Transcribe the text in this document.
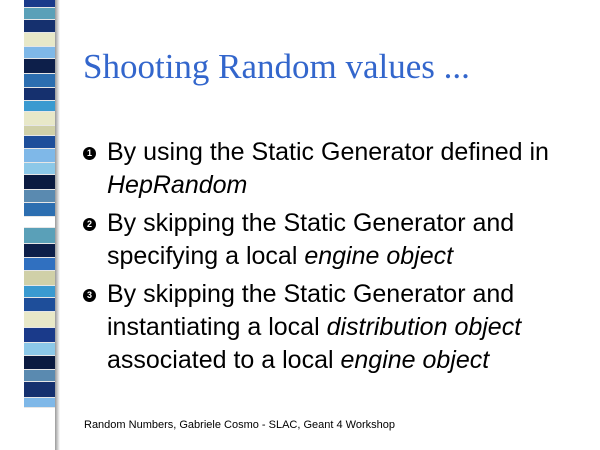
Shooting Random values ...
1 By using the Static Generator defined in HepRandom
2 By skipping the Static Generator and specifying a local engine object
3 By skipping the Static Generator and instantiating a local distribution object associated to a local engine object
Random Numbers, Gabriele Cosmo - SLAC, Geant 4 Workshop
